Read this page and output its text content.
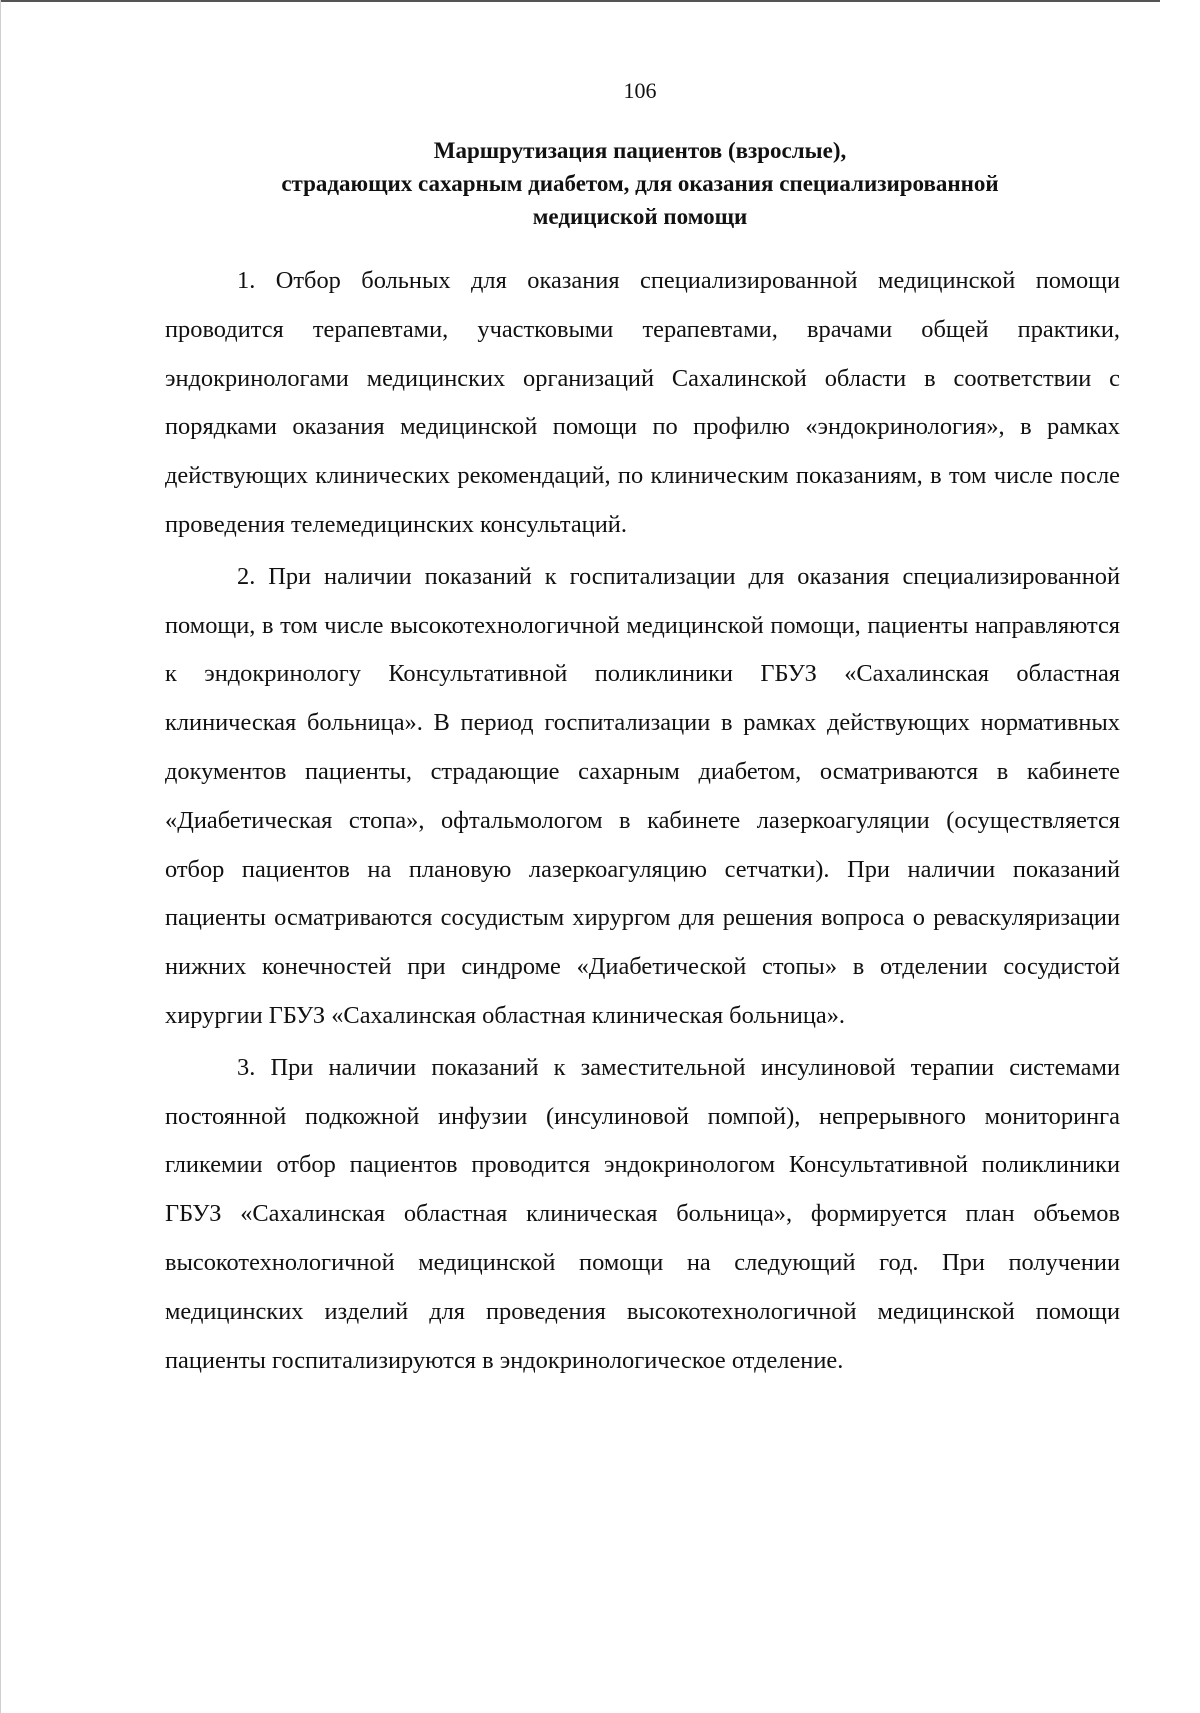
106
Маршрутизация пациентов (взрослые),
страдающих сахарным диабетом, для оказания специализированной
медициской помощи

1. Отбор больных для оказания специализированной медицинской помощи проводится терапевтами, участковыми терапевтами, врачами общей практики, эндокринологами медицинских организаций Сахалинской области в соответствии с порядками оказания медицинской помощи по профилю «эндокринология», в рамках действующих клинических рекомендаций, по клиническим показаниям, в том числе после проведения телемедицинских консультаций.

2. При наличии показаний к госпитализации для оказания специализированной помощи, в том числе высокотехнологичной медицинской помощи, пациенты направляются к эндокринологу Консультативной поликлиники ГБУЗ «Сахалинская областная клиническая больница». В период госпитализации в рамках действующих нормативных документов пациенты, страдающие сахарным диабетом, осматриваются в кабинете «Диабетическая стопа», офтальмологом в кабинете лазеркоагуляции (осуществляется отбор пациентов на плановую лазеркоагуляцию сетчатки). При наличии показаний пациенты осматриваются сосудистым хирургом для решения вопроса о реваскуляризации нижних конечностей при синдроме «Диабетической стопы» в отделении сосудистой хирургии ГБУЗ «Сахалинская областная клиническая больница».

3. При наличии показаний к заместительной инсулиновой терапии системами постоянной подкожной инфузии (инсулиновой помпой), непрерывного мониторинга гликемии отбор пациентов проводится эндокринологом Консультативной поликлиники ГБУЗ «Сахалинская областная клиническая больница», формируется план объемов высокотехнологичной медицинской помощи на следующий год. При получении медицинских изделий для проведения высокотехнологичной медицинской помощи пациенты госпитализируются в эндокринологическое отделение.
